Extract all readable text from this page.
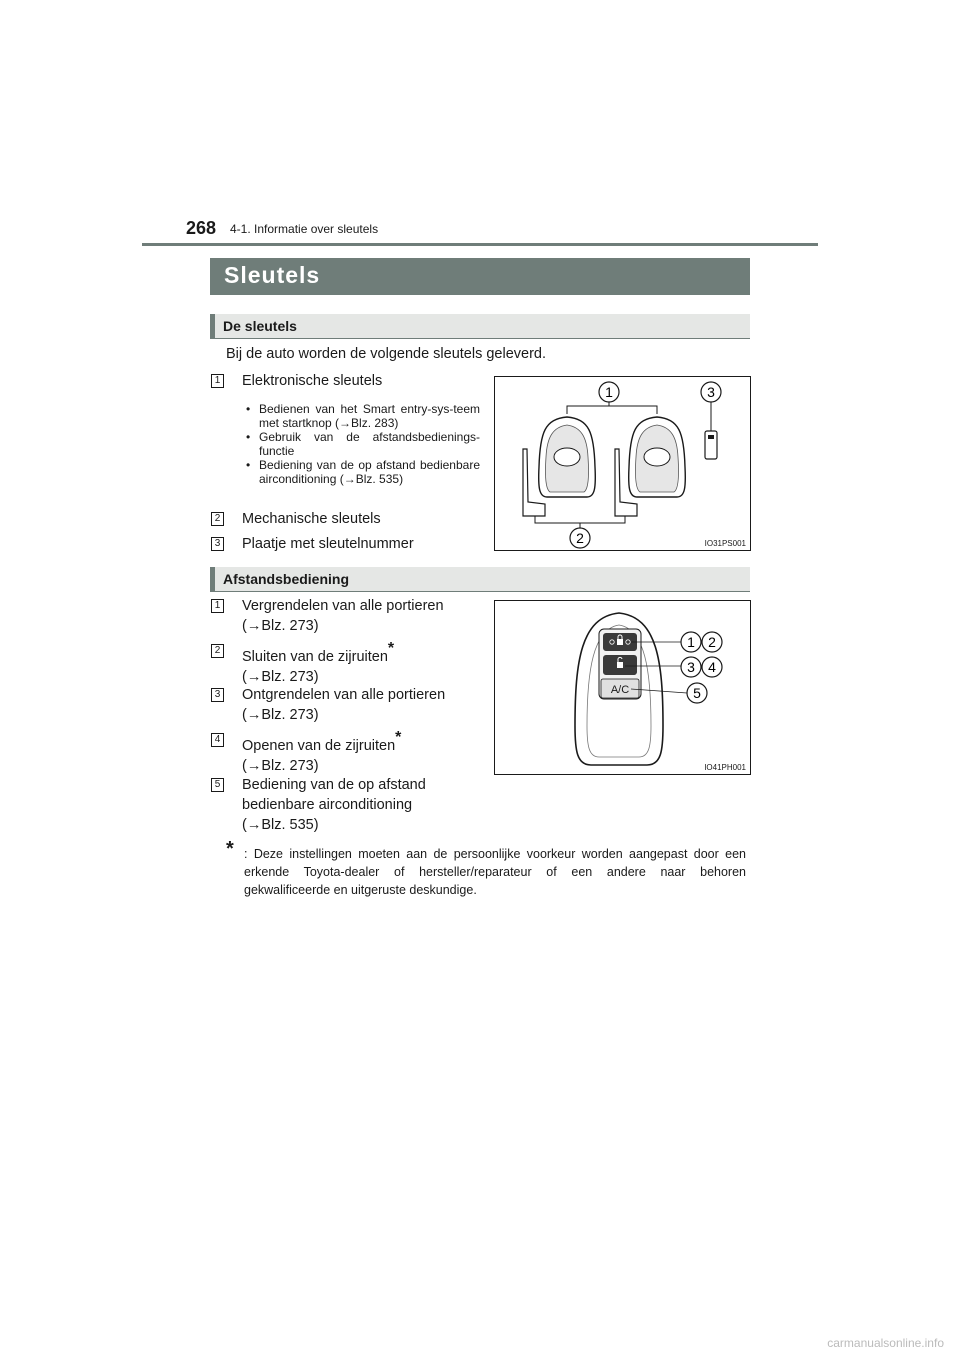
268 4-1. Informatie over sleutels
Sleutels
De sleutels
Bij de auto worden de volgende sleutels geleverd.
1 Elektronische sleutels
• Bedienen van het Smart entry-sys-teem met startknop (→Blz. 283)
• Gebruik van de afstandsbedienings-functie
• Bediening van de op afstand bedienbare airconditioning (→Blz. 535)
2 Mechanische sleutels
3 Plaatje met sleutelnummer
1	3
2	IO31PS001
Afstandsbediening
1 Vergrendelen van alle portieren
(→Blz. 273)
2 Sluiten van de zijruiten*
(→Blz. 273)
3 Ontgrendelen van alle portieren
(→Blz. 273)
4 Openen van de zijruiten*
(→Blz. 273)
5 Bediening van de op afstand
bedienbare airconditioning
(→Blz. 535)
A/C
1 2
3 4
5
IO41PH001
* : Deze instellingen moeten aan de persoonlijke voorkeur worden aangepast door een erkende Toyota-dealer of hersteller/reparateur of een andere naar behoren gekwalificeerde en uitgeruste deskundige.
carmanualsonline.info
